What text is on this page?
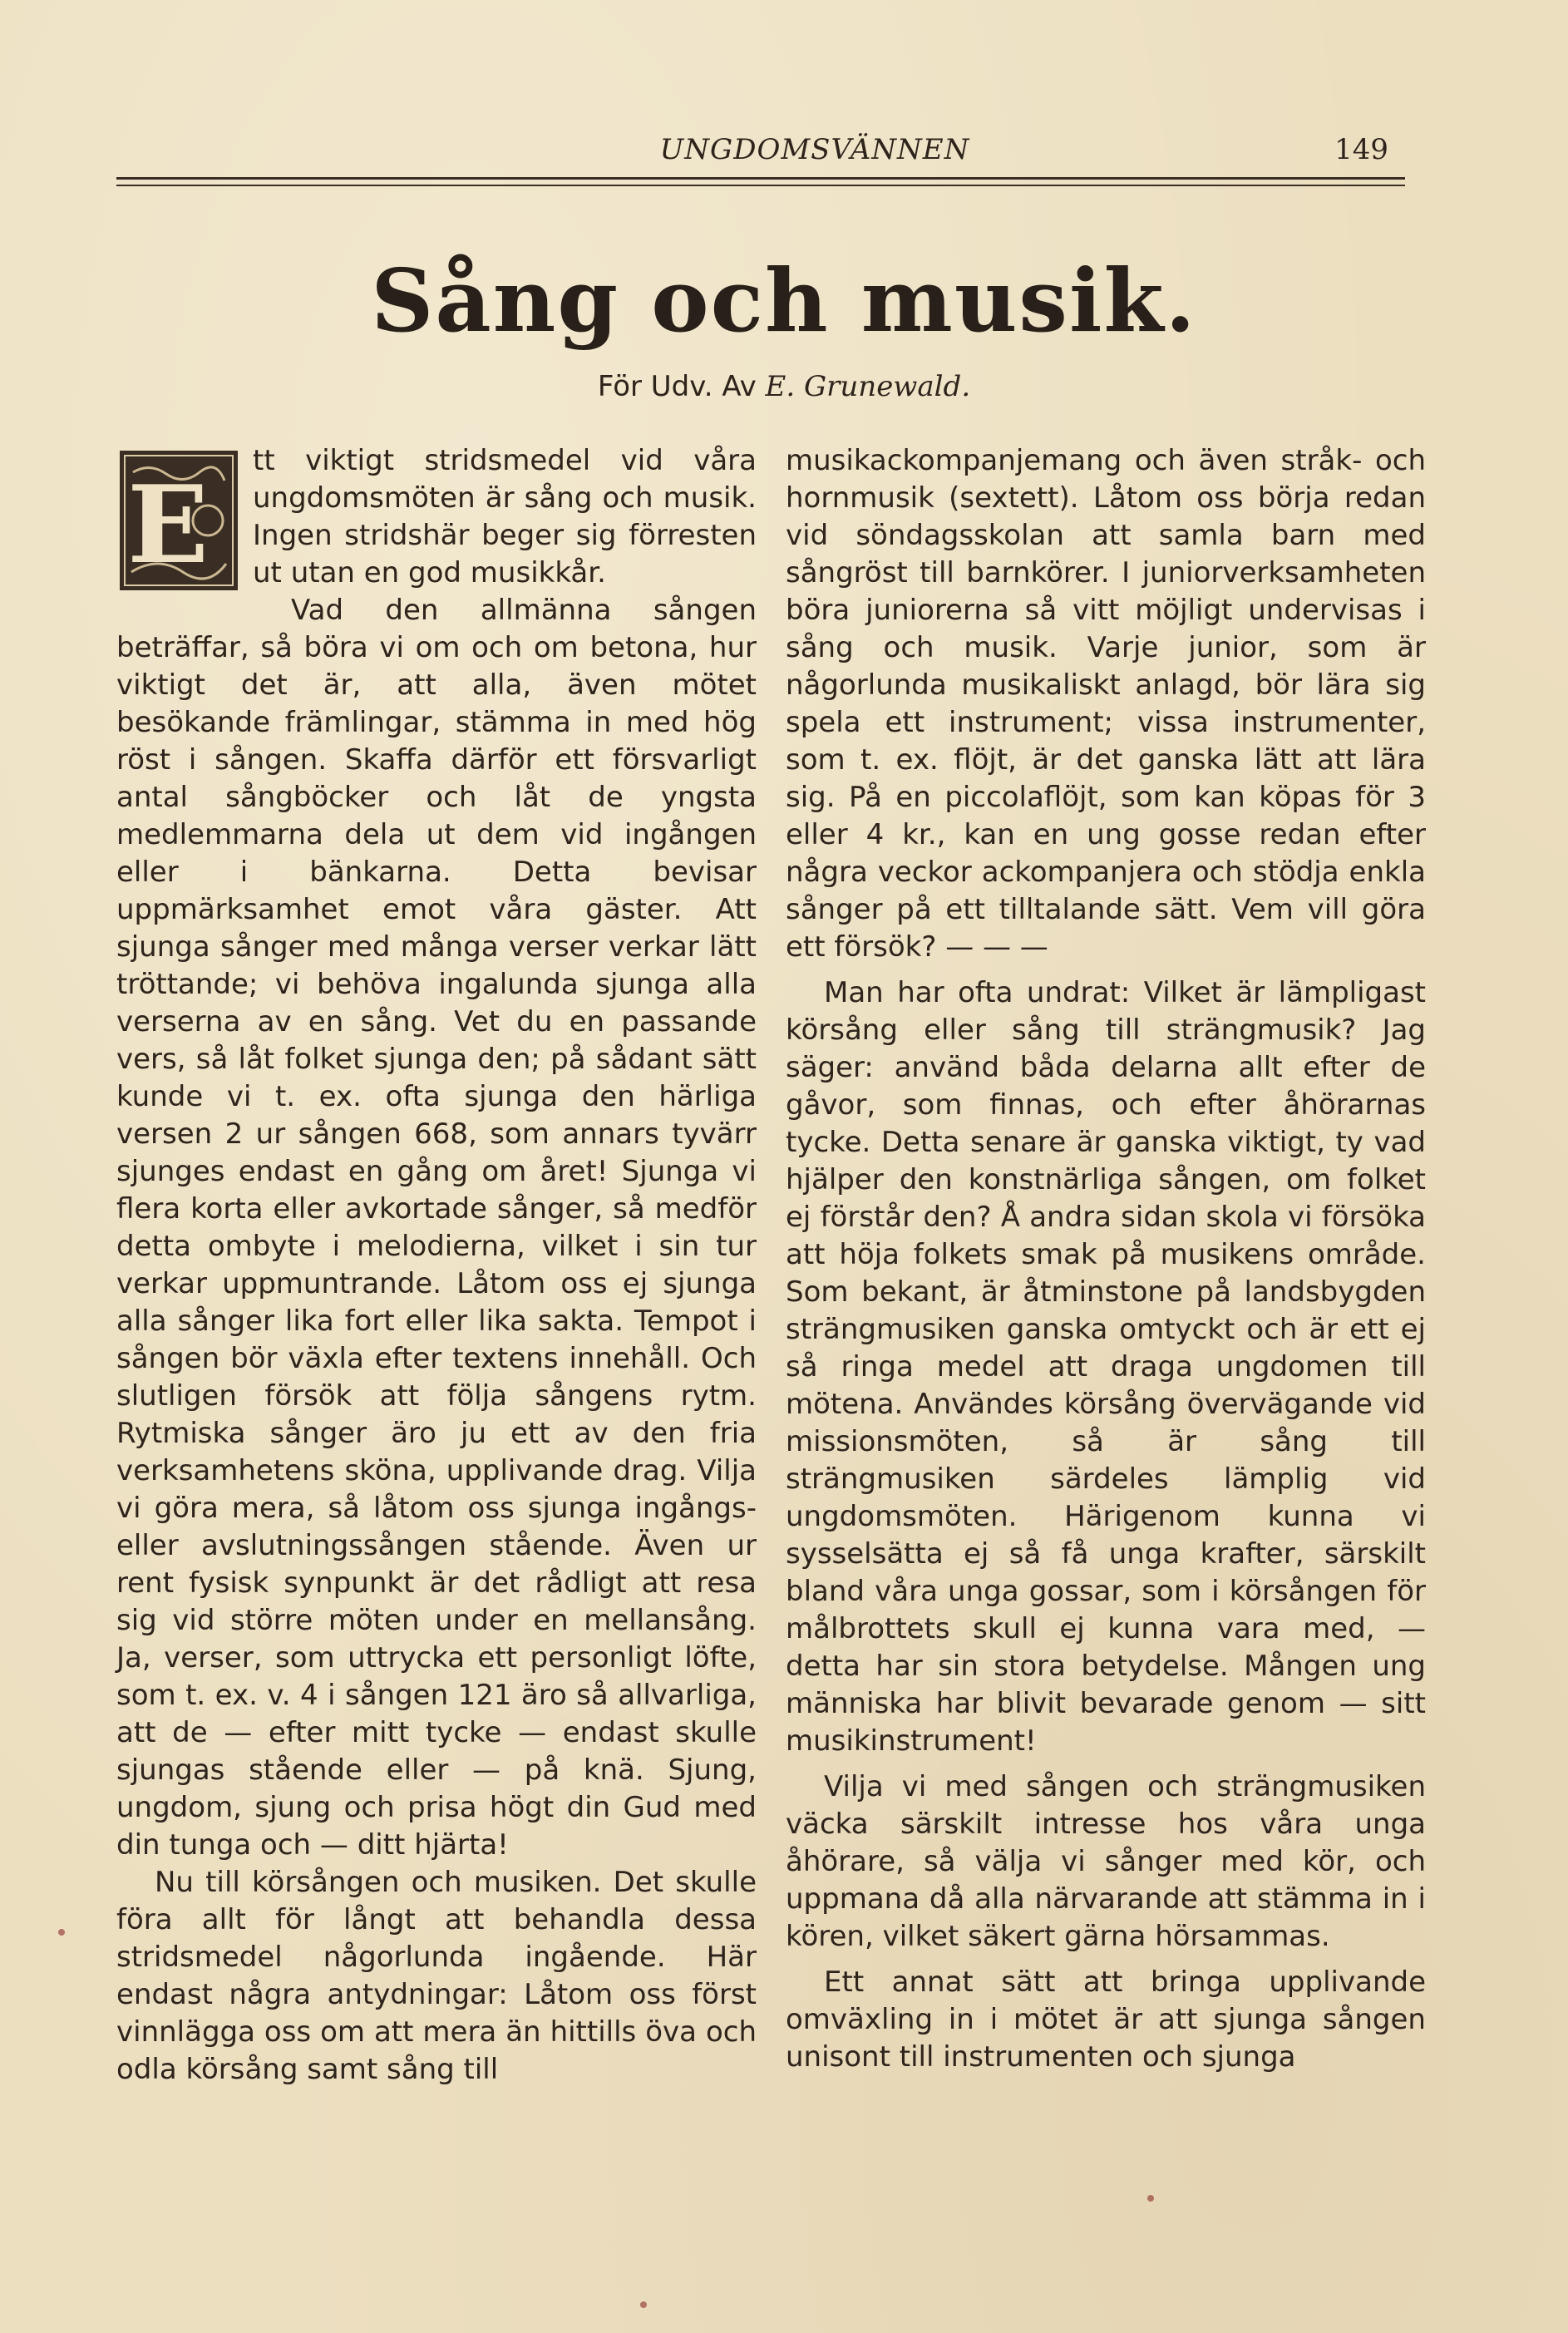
UNGDOMSVÄNNEN	149
Sång och musik.
För Udv. Av E. Grunewald.
E

tt viktigt stridsmedel vid våra ungdomsmöten är sång och musik. Ingen stridshär beger sig förresten ut utan en god musikkår.

Vad den allmänna sången beträffar, så böra vi om och om betona, hur viktigt det är, att alla, även mötet besökande främlingar, stämma in med hög röst i sången. Skaffa därför ett försvarligt antal sångböcker och låt de yngsta medlemmarna dela ut dem vid ingången eller i bänkarna. Detta bevisar uppmärksamhet emot våra gäster. Att sjunga sånger med många verser verkar lätt tröttande; vi behöva ingalunda sjunga alla verserna av en sång. Vet du en passande vers, så låt folket sjunga den; på sådant sätt kunde vi t. ex. ofta sjunga den härliga versen 2 ur sången 668, som annars tyvärr sjunges endast en gång om året! Sjunga vi flera korta eller avkortade sånger, så medför detta ombyte i melodierna, vilket i sin tur verkar uppmuntrande. Låtom oss ej sjunga alla sånger lika fort eller lika sakta. Tempot i sången bör växla efter textens innehåll. Och slutligen försök att följa sångens rytm. Rytmiska sånger äro ju ett av den fria verksamhetens sköna, upplivande drag. Vilja vi göra mera, så låtom oss sjunga ingångs- eller avslutningssången stående. Även ur rent fysisk synpunkt är det rådligt att resa sig vid större möten under en mellansång. Ja, verser, som uttrycka ett personligt löfte, som t. ex. v. 4 i sången 121 äro så allvarliga, att de — efter mitt tycke — endast skulle sjungas stående eller — på knä. Sjung, ungdom, sjung och prisa högt din Gud med din tunga och — ditt hjärta!

Nu till körsången och musiken. Det skulle föra allt för långt att behandla dessa stridsmedel någorlunda ingående. Här endast några antydningar: Låtom oss först vinnlägga oss om att mera än hittills öva och odla körsång samt sång till

musikackompanjemang och även stråk- och hornmusik (sextett). Låtom oss börja redan vid söndagsskolan att samla barn med sångröst till barnkörer. I juniorverksamheten böra juniorerna så vitt möjligt undervisas i sång och musik. Varje junior, som är någorlunda musikaliskt anlagd, bör lära sig spela ett instrument; vissa instrumenter, som t. ex. flöjt, är det ganska lätt att lära sig. På en piccolaflöjt, som kan köpas för 3 eller 4 kr., kan en ung gosse redan efter några veckor ackompanjera och stödja enkla sånger på ett tilltalande sätt. Vem vill göra ett försök? — — —

Man har ofta undrat: Vilket är lämpligast körsång eller sång till strängmusik? Jag säger: använd båda delarna allt efter de gåvor, som finnas, och efter åhörarnas tycke. Detta senare är ganska viktigt, ty vad hjälper den konstnärliga sången, om folket ej förstår den? Å andra sidan skola vi försöka att höja folkets smak på musikens område. Som bekant, är åtminstone på landsbygden strängmusiken ganska omtyckt och är ett ej så ringa medel att draga ungdomen till mötena. Användes körsång övervägande vid missionsmöten, så är sång till strängmusiken särdeles lämplig vid ungdomsmöten. Härigenom kunna vi sysselsätta ej så få unga krafter, särskilt bland våra unga gossar, som i körsången för målbrottets skull ej kunna vara med, — detta har sin stora betydelse. Mången ung människa har blivit bevarade genom — sitt musikinstrument!

Vilja vi med sången och strängmusiken väcka särskilt intresse hos våra unga åhörare, så välja vi sånger med kör, och uppmana då alla närvarande att stämma in i kören, vilket säkert gärna hörsammas.

Ett annat sätt att bringa upplivande omväxling in i mötet är att sjunga sången unisont till instrumenten och sjunga
